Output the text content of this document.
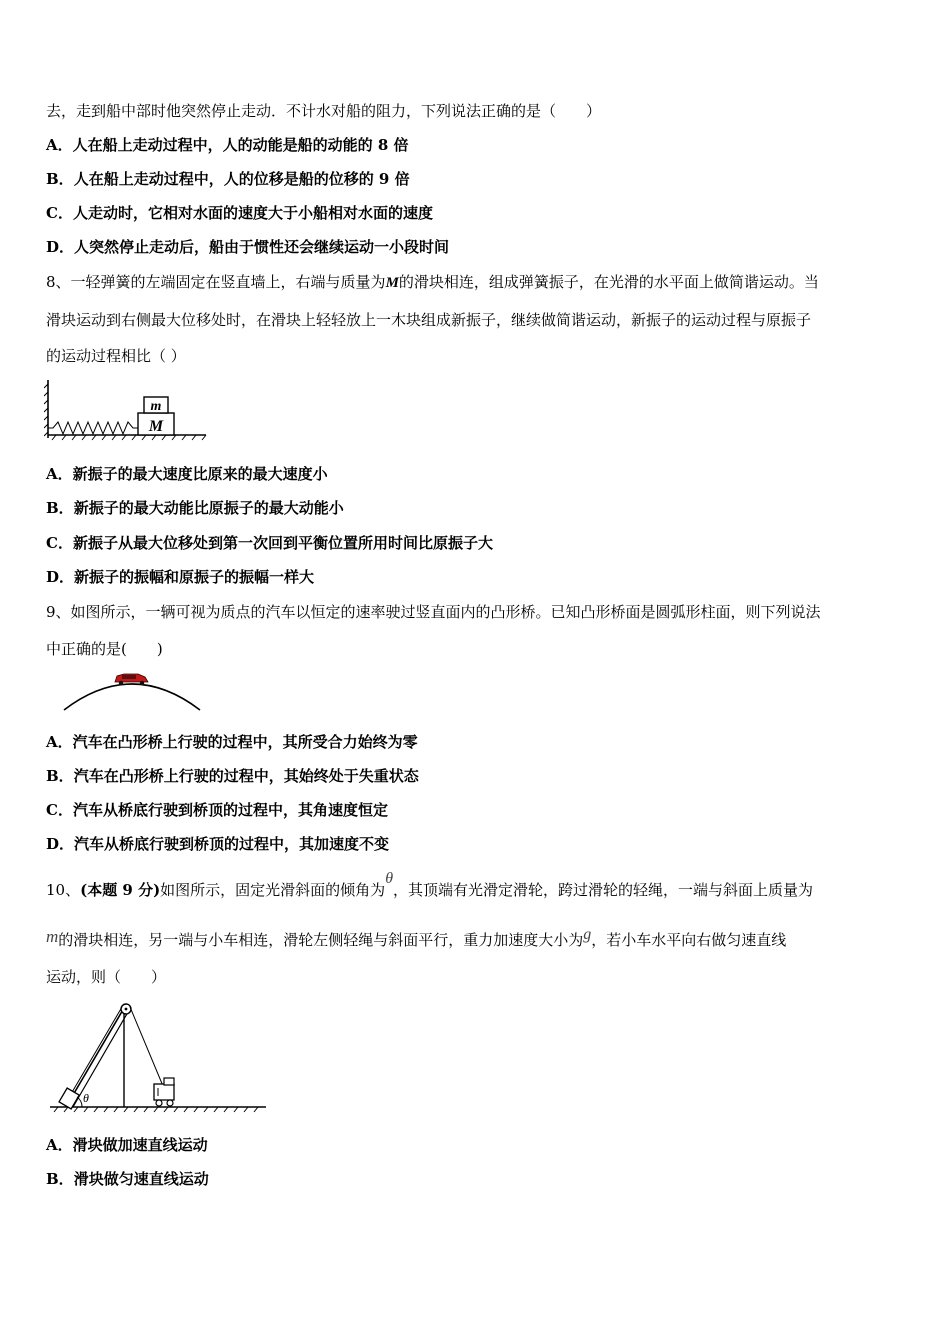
去，走到船中部时他突然停止走动．不计水对船的阻力，下列说法正确的是（　　）
A．人在船上走动过程中，人的动能是船的动能的 8 倍
B．人在船上走动过程中，人的位移是船的位移的 9 倍
C．人走动时，它相对水面的速度大于小船相对水面的速度
D．人突然停止走动后，船由于惯性还会继续运动一小段时间
8、一轻弹簧的左端固定在竖直墙上，右端与质量为M的滑块相连，组成弹簧振子，在光滑的水平面上做简谐运动。当
滑块运动到右侧最大位移处时，在滑块上轻轻放上一木块组成新振子，继续做简谐运动，新振子的运动过程与原振子
的运动过程相比（ ）
M
m
A．新振子的最大速度比原来的最大速度小
B．新振子的最大动能比原振子的最大动能小
C．新振子从最大位移处到第一次回到平衡位置所用时间比原振子大
D．新振子的振幅和原振子的振幅一样大
9、如图所示，一辆可视为质点的汽车以恒定的速率驶过竖直面内的凸形桥。已知凸形桥面是圆弧形柱面，则下列说法
中正确的是(　　)
A．汽车在凸形桥上行驶的过程中，其所受合力始终为零
B．汽车在凸形桥上行驶的过程中，其始终处于失重状态
C．汽车从桥底行驶到桥顶的过程中，其角速度恒定
D．汽车从桥底行驶到桥顶的过程中，其加速度不变
10、(本题 9 分)如图所示，固定光滑斜面的倾角为θ，其顶端有光滑定滑轮，跨过滑轮的轻绳，一端与斜面上质量为
m的滑块相连，另一端与小车相连，滑轮左侧轻绳与斜面平行，重力加速度大小为g，若小车水平向右做匀速直线
运动，则（　　）
θ
A．滑块做加速直线运动
B．滑块做匀速直线运动
